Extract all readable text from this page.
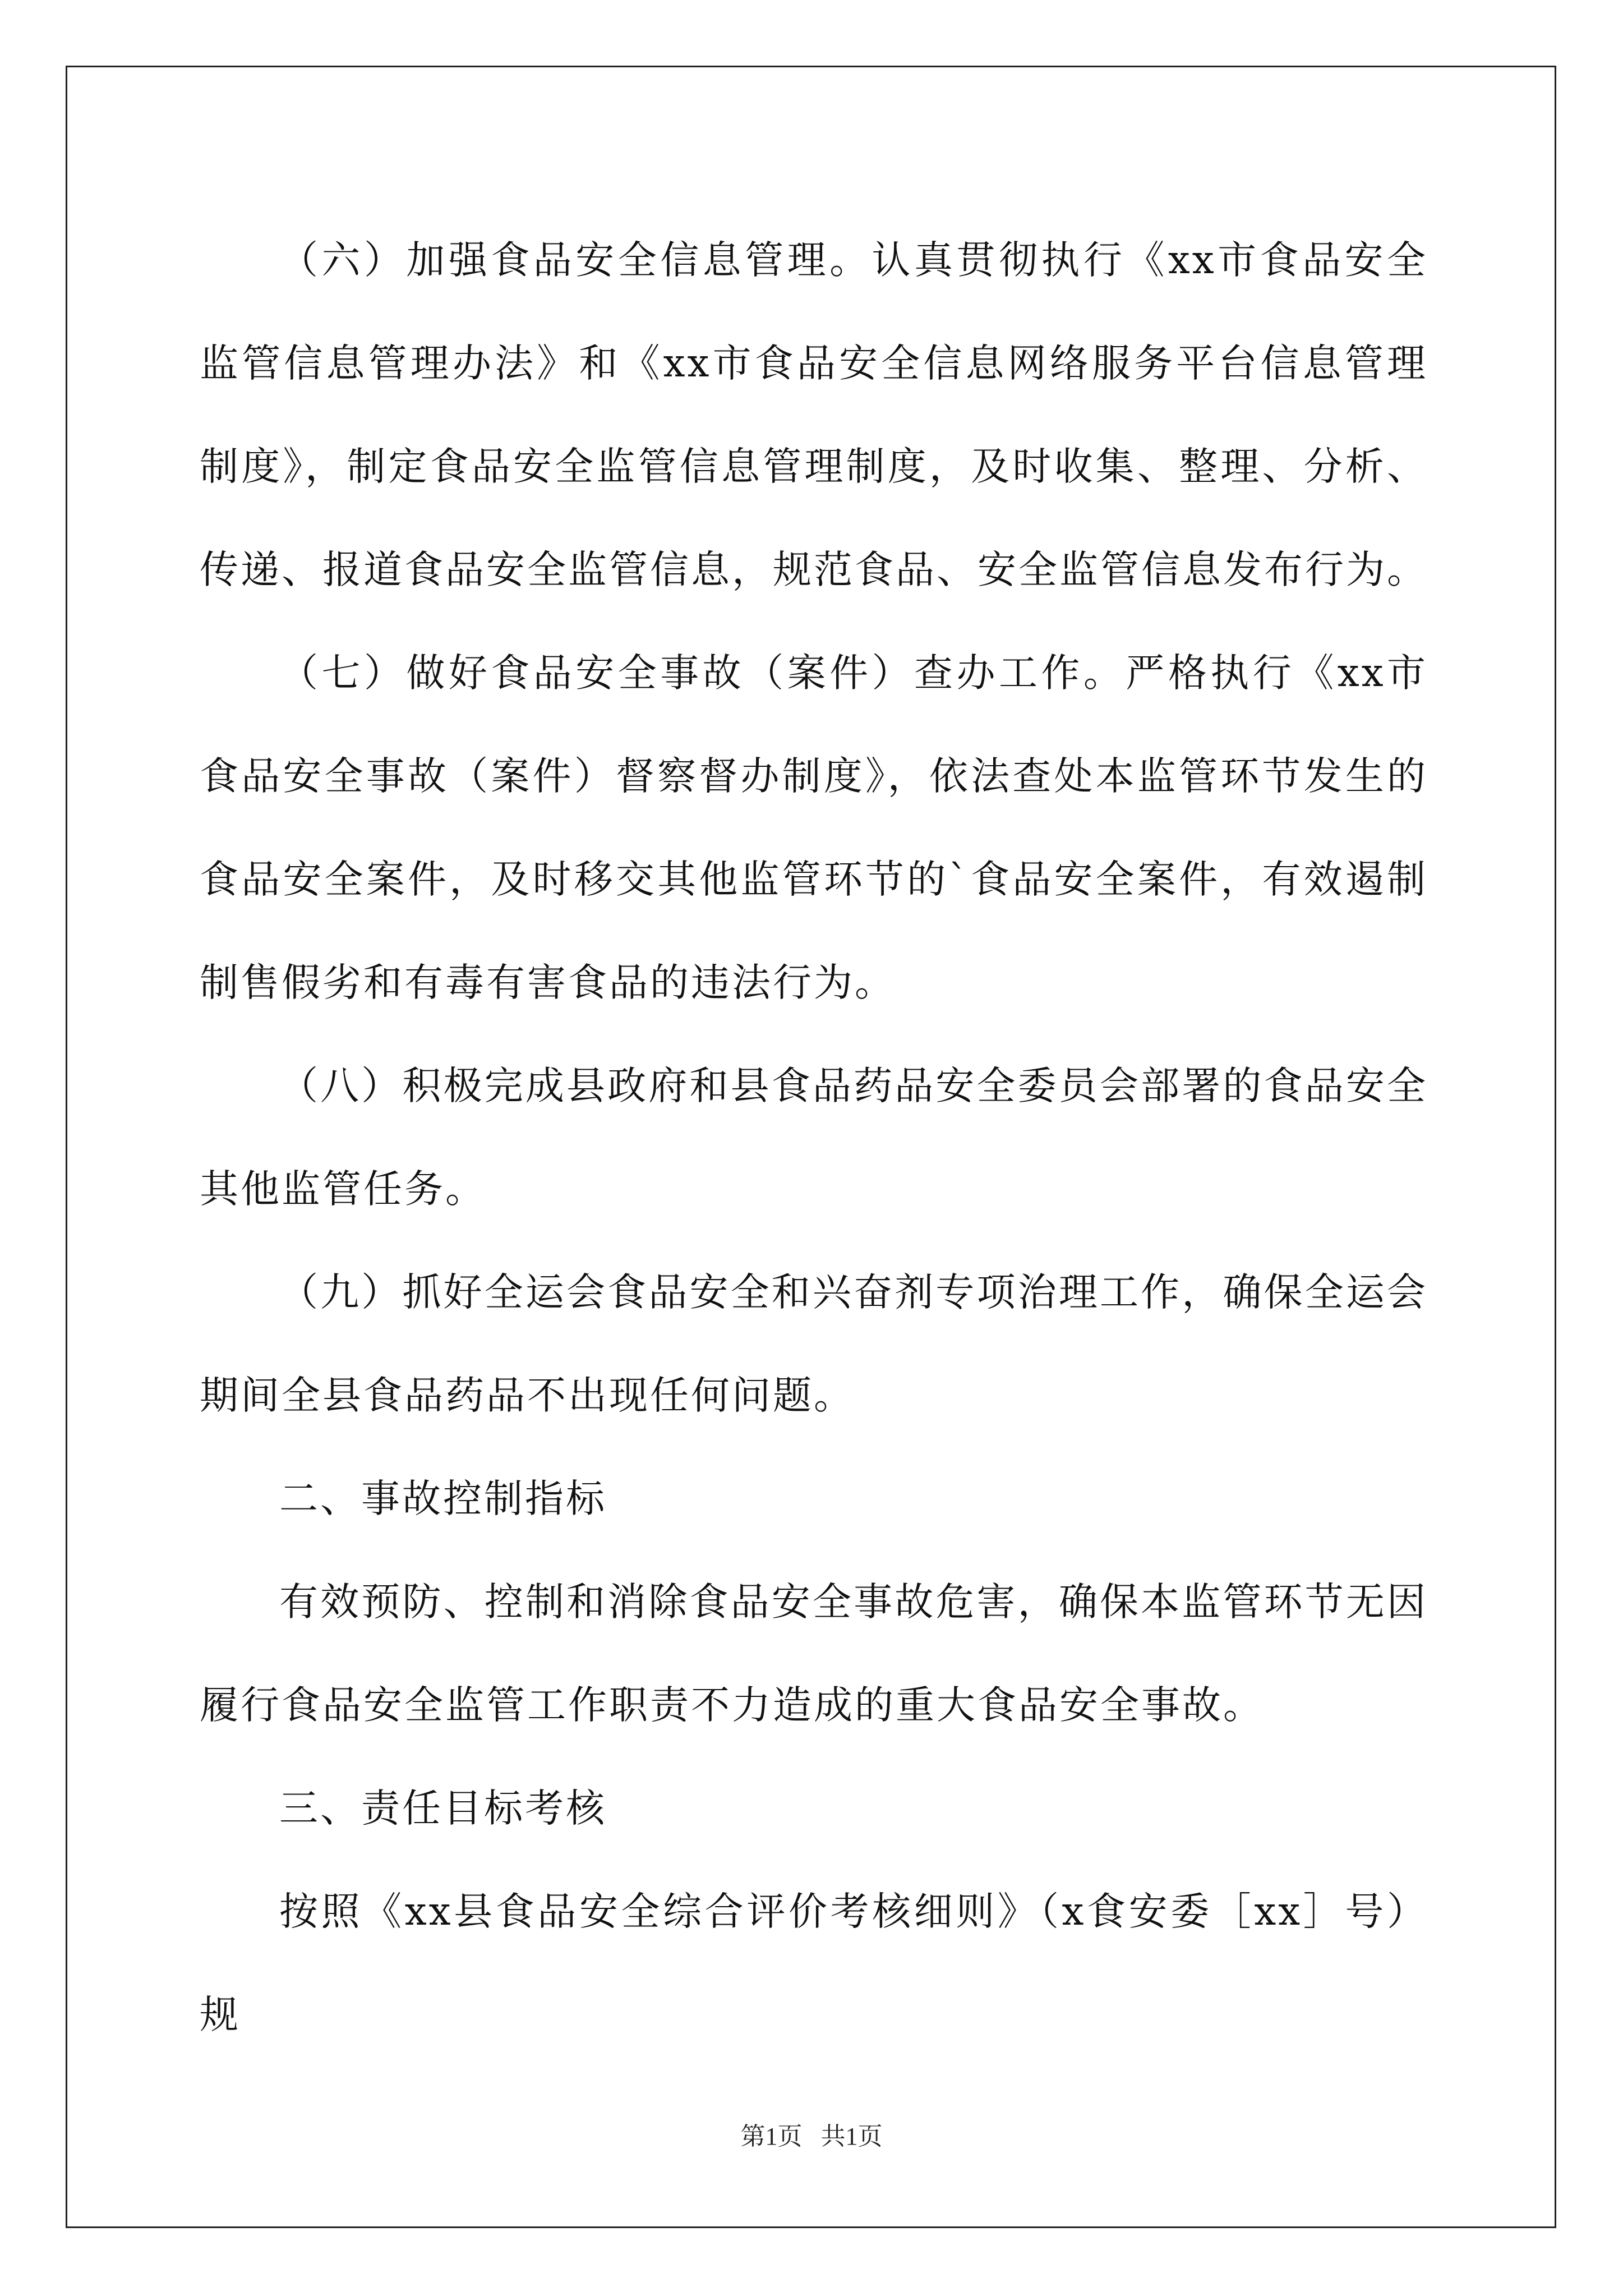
（六）加强食品安全信息管理。认真贯彻执行《xx市食品安全监管信息管理办法》和《xx市食品安全信息网络服务平台信息管理制度》，制定食品安全监管信息管理制度，及时收集、整理、分析、传递、报道食品安全监管信息，规范食品、安全监管信息发布行为。

（七）做好食品安全事故（案件）查办工作。严格执行《xx市食品安全事故（案件）督察督办制度》，依法查处本监管环节发生的食品安全案件，及时移交其他监管环节的`食品安全案件，有效遏制制售假劣和有毒有害食品的违法行为。

（八）积极完成县政府和县食品药品安全委员会部署的食品安全其他监管任务。

（九）抓好全运会食品安全和兴奋剂专项治理工作，确保全运会期间全县食品药品不出现任何问题。

二、事故控制指标

有效预防、控制和消除食品安全事故危害，确保本监管环节无因履行食品安全监管工作职责不力造成的重大食品安全事故。

三、责任目标考核

按照《xx县食品安全综合评价考核细则》（x食安委［xx］号）规

第1页   共1页
